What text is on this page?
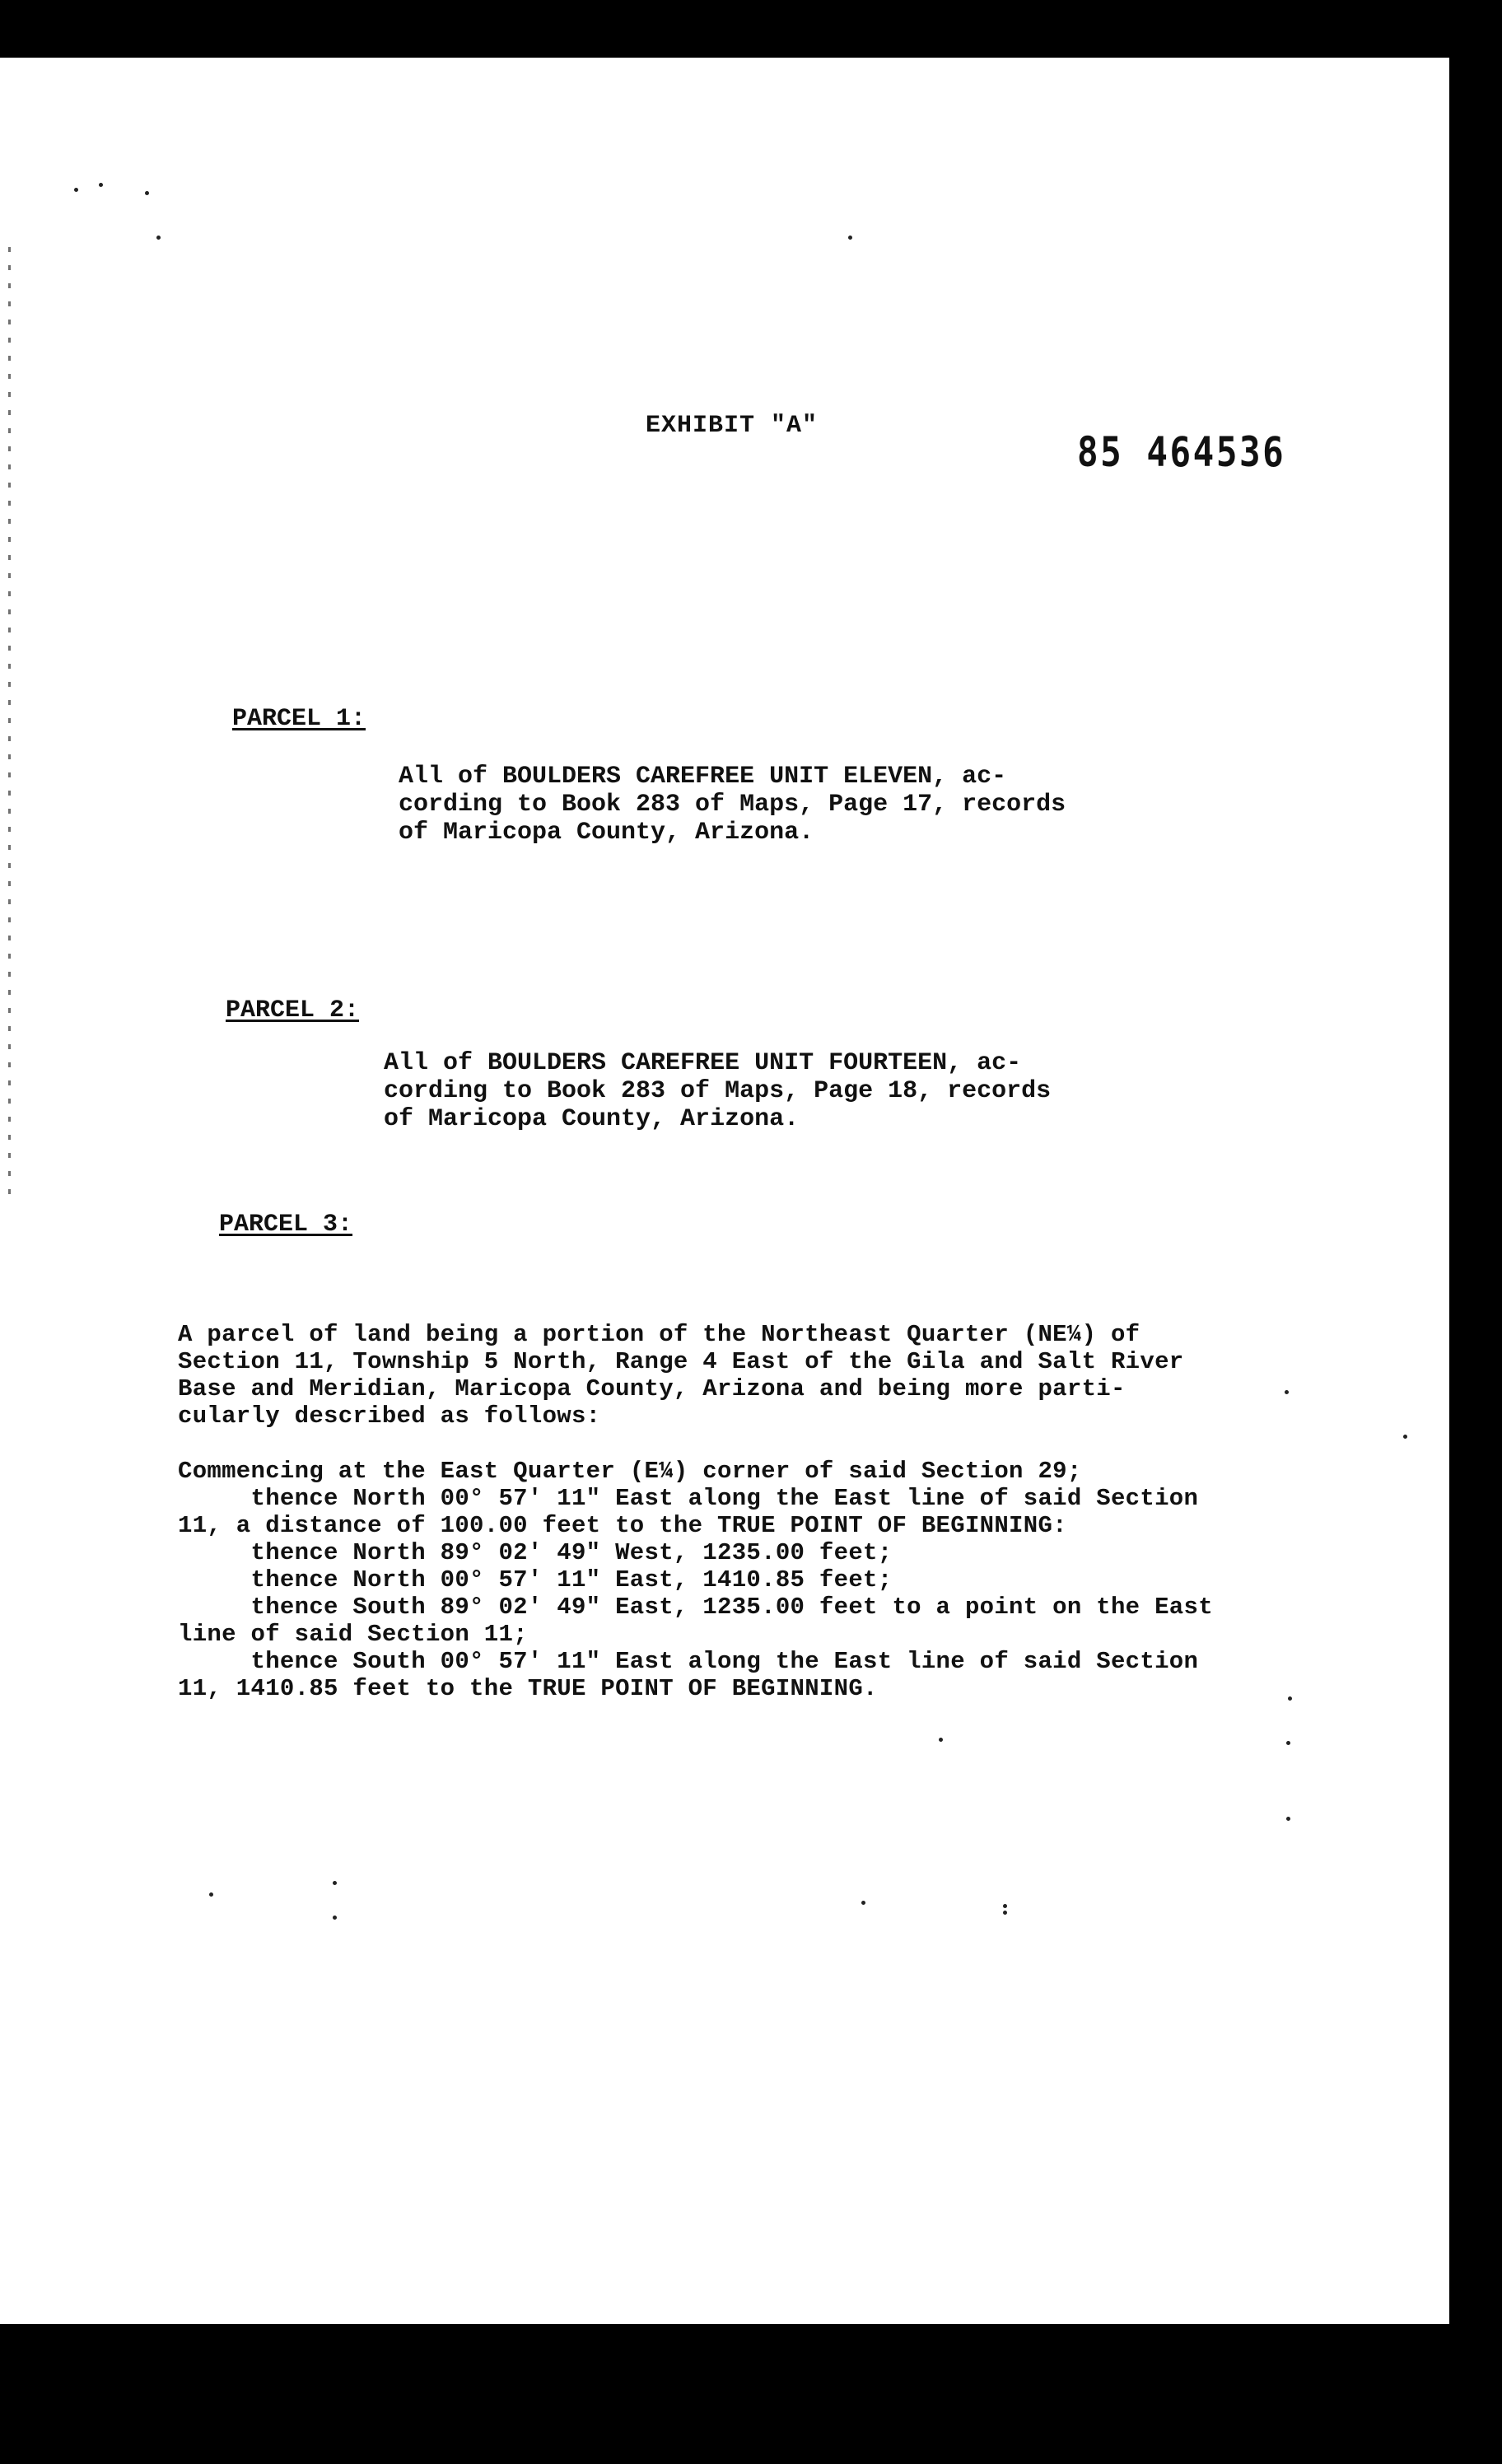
EXHIBIT "A"
85 464536
PARCEL 1:
All of BOULDERS CAREFREE UNIT ELEVEN, ac-
cording to Book 283 of Maps, Page 17, records
of Maricopa County, Arizona.
PARCEL 2:
All of BOULDERS CAREFREE UNIT FOURTEEN, ac-
cording to Book 283 of Maps, Page 18, records
of Maricopa County, Arizona.
PARCEL 3:
A parcel of land being a portion of the Northeast Quarter (NE¼) of
Section 11, Township 5 North, Range 4 East of the Gila and Salt River
Base and Meridian, Maricopa County, Arizona and being more parti-
cularly described as follows:
Commencing at the East Quarter (E¼) corner of said Section 29;
thence North 00° 57' 11" East along the East line of said Section
11, a distance of 100.00 feet to the TRUE POINT OF BEGINNING:
thence North 89° 02' 49" West, 1235.00 feet;
thence North 00° 57' 11" East, 1410.85 feet;
thence South 89° 02' 49" East, 1235.00 feet to a point on the East
line of said Section 11;
thence South 00° 57' 11" East along the East line of said Section
11, 1410.85 feet to the TRUE POINT OF BEGINNING.
